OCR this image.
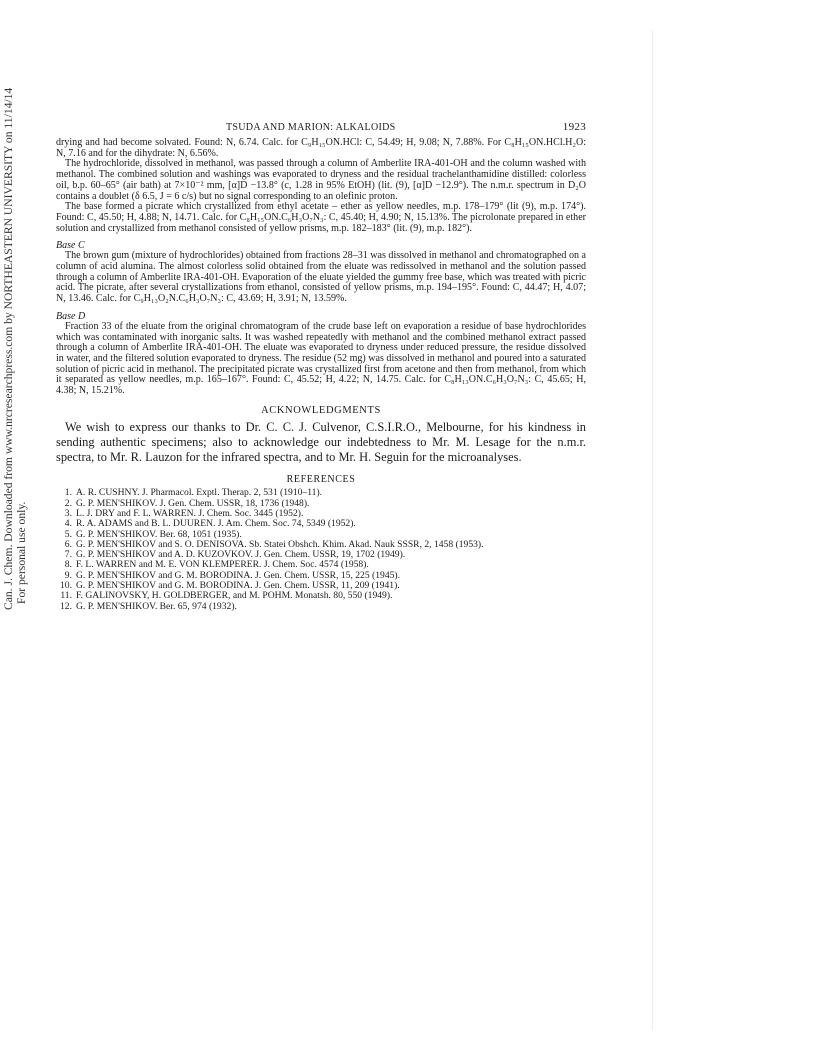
Can. J. Chem. Downloaded from www.nrcresearchpress.com by NORTHEASTERN UNIVERSITY on 11/14/14 For personal use only.
TSUDA AND MARION: ALKALOIDS	1923

drying and had become solvated. Found: N, 6.74. Calc. for C₉H₁₅ON.HCl: C, 54.49; H, 9.08; N, 7.88%. For C₈H₁₅ON.HCl.H₂O: N, 7.16 and for the dihydrate: N, 6.56%.

The hydrochloride, dissolved in methanol, was passed through a column of Amberlite IRA-401-OH and the column washed with methanol. The combined solution and washings was evaporated to dryness and the residual trachelanthamidine distilled: colorless oil, b.p. 60–65° (air bath) at 7×10⁻² mm, [α]D −13.8° (c, 1.28 in 95% EtOH) (lit. (9), [α]D −12.9°). The n.m.r. spectrum in D₂O contains a doublet (δ 6.5, J = 6 c/s) but no signal corresponding to an olefinic proton.

The base formed a picrate which crystallized from ethyl acetate – ether as yellow needles, m.p. 178–179° (lit (9), m.p. 174°). Found: C, 45.50; H, 4.88; N, 14.71. Calc. for C₈H₁₅ON.C₆H₃O₇N₃: C, 45.40; H, 4.90; N, 15.13%. The picrolonate prepared in ether solution and crystallized from methanol consisted of yellow prisms, m.p. 182–183° (lit. (9), m.p. 182°).

Base C

The brown gum (mixture of hydrochlorides) obtained from fractions 28–31 was dissolved in methanol and chromatographed on a column of acid alumina. The almost colorless solid obtained from the eluate was redissolved in methanol and the solution passed through a column of Amberlite IRA-401-OH. Evaporation of the eluate yielded the gummy free base, which was treated with picric acid. The picrate, after several crystallizations from ethanol, consisted of yellow prisms, m.p. 194–195°. Found: C, 44.47; H, 4.07; N, 13.46. Calc. for C₉H₁₃O₂N.C₆H₃O₇N₃: C, 43.69; H, 3.91; N, 13.59%.

Base D

Fraction 33 of the eluate from the original chromatogram of the crude base left on evaporation a residue of base hydrochlorides which was contaminated with inorganic salts. It was washed repeatedly with methanol and the combined methanol extract passed through a column of Amberlite IRA-401-OH. The eluate was evaporated to dryness under reduced pressure, the residue dissolved in water, and the filtered solution evaporated to dryness. The residue (52 mg) was dissolved in methanol and poured into a saturated solution of picric acid in methanol. The precipitated picrate was crystallized first from acetone and then from methanol, from which it separated as yellow needles, m.p. 165–167°. Found: C, 45.52; H, 4.22; N, 14.75. Calc. for C₈H₁₃ON.C₆H₃O₇N₃: C, 45.65; H, 4.38; N, 15.21%.

ACKNOWLEDGMENTS

We wish to express our thanks to Dr. C. C. J. Culvenor, C.S.I.R.O., Melbourne, for his kindness in sending authentic specimens; also to acknowledge our indebtedness to Mr. M. Lesage for the n.m.r. spectra, to Mr. R. Lauzon for the infrared spectra, and to Mr. H. Seguin for the microanalyses.

REFERENCES
1. A. R. CUSHNY. J. Pharmacol. Exptl. Therap. 2, 531 (1910–11).
2. G. P. MEN'SHIKOV. J. Gen. Chem. USSR, 18, 1736 (1948).
3. L. J. DRY and F. L. WARREN. J. Chem. Soc. 3445 (1952).
4. R. A. ADAMS and B. L. DUUREN. J. Am. Chem. Soc. 74, 5349 (1952).
5. G. P. MEN'SHIKOV. Ber. 68, 1051 (1935).
6. G. P. MEN'SHIKOV and S. O. DENISOVA. Sb. Statei Obshch. Khim. Akad. Nauk SSSR, 2, 1458 (1953).
7. G. P. MEN'SHIKOV and A. D. KUZOVKOV. J. Gen. Chem. USSR, 19, 1702 (1949).
8. F. L. WARREN and M. E. VON KLEMPERER. J. Chem. Soc. 4574 (1958).
9. G. P. MEN'SHIKOV and G. M. BORODINA. J. Gen. Chem. USSR, 15, 225 (1945).
10. G. P. MEN'SHIKOV and G. M. BORODINA. J. Gen. Chem. USSR, 11, 209 (1941).
11. F. GALINOVSKY, H. GOLDBERGER, and M. POHM. Monatsh. 80, 550 (1949).
12. G. P. MEN'SHIKOV. Ber. 65, 974 (1932).
